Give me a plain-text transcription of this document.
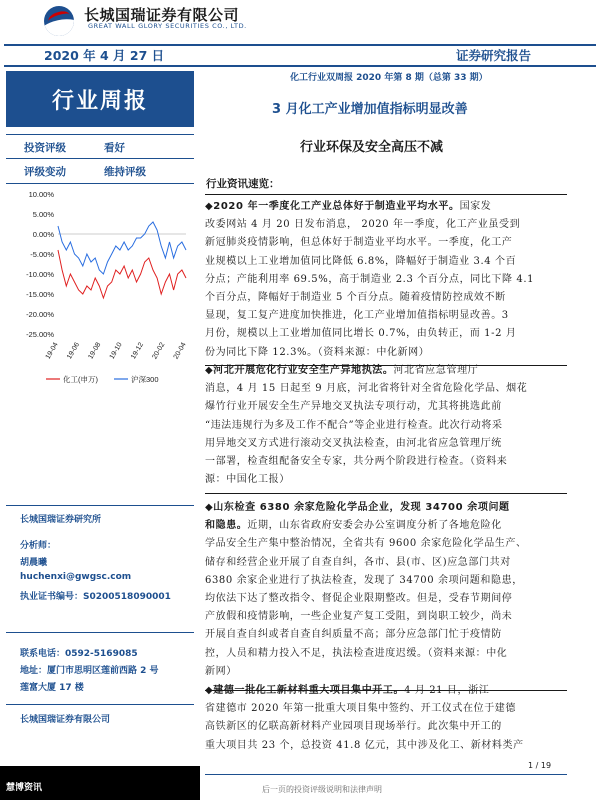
长城国瑞证券有限公司
GREAT WALL GLORY SECURITIES CO., LTD.
2020 年 4 月 27 日	证券研究报告
化工行业双周报 2020 年第 8 期（总第 33 期）
行业周报
投资评级	看好
评级变动	维持评级
10.00%
5.00%
0.00%
-5.00%
-10.00%
-15.00%
-20.00%
-25.00%
19-04 19-06 19-08 19-10 19-12 20-02 20-04
化工(申万)	沪深300
长城国瑞证券研究所
分析师：
胡晨曦
huchenxi@gwgsc.com
执业证书编号：S0200518090001
联系电话：0592-5169085
地址：厦门市思明区莲前西路 2 号
莲富大厦 17 楼
长城国瑞证券有限公司
3 月化工产业增加值指标明显改善
行业环保及安全高压不减
行业资讯速览：
◆2020 年一季度化工产业总体好于制造业平均水平。国家发
改委网站 4 月 20 日发布消息， 2020 年一季度，化工产业虽受到
新冠肺炎疫情影响，但总体好于制造业平均水平。一季度，化工产
业规模以上工业增加值同比降低 6.8%，降幅好于制造业 3.4 个百
分点；产能利用率 69.5%，高于制造业 2.3 个百分点，同比下降 4.1
个百分点，降幅好于制造业 5 个百分点。随着疫情防控成效不断
显现，复工复产进度加快推进，化工产业增加值指标明显改善。3
月份，规模以上工业增加值同比增长 0.7%，由负转正，而 1-2 月
份为同比下降 12.3%。（资料来源：中化新网）
◆河北开展危化行业安全生产异地执法。河北省应急管理厅
消息，4 月 15 日起至 9 月底，河北省将针对全省危险化学品、烟花
爆竹行业开展安全生产异地交叉执法专项行动，尤其将挑选此前
“违法违规行为多及工作不配合”等企业进行检查。此次行动将采
用异地交叉方式进行滚动交叉执法检查，由河北省应急管理厅统
一部署，检查组配备安全专家，共分两个阶段进行检查。（资料来
源：中国化工报）
◆山东检查 6380 余家危险化学品企业，发现 34700 余项问题
和隐患。近期，山东省政府安委会办公室调度分析了各地危险化
学品安全生产集中整治情况，全省共有 9600 余家危险化学品生产、
储存和经营企业开展了自查自纠，各市、县(市、区)应急部门共对
6380 余家企业进行了执法检查，发现了 34700 余项问题和隐患，
均依法下达了整改指令、督促企业限期整改。但是，受春节期间停
产放假和疫情影响，一些企业复产复工受阻，到岗职工较少，尚未
开展自查自纠或者自查自纠质量不高；部分应急部门忙于疫情防
控，人员和精力投入不足，执法检查进度迟缓。（资料来源：中化
新网）
◆建德一批化工新材料重大项目集中开工。4 月 21 日，浙江
省建德市 2020 年第一批重大项目集中签约、开工仪式在位于建德
高铁新区的亿联高新材料产业园项目现场举行。此次集中开工的
重大项目共 23 个，总投资 41.8 亿元，其中涉及化工、新材料类产
1 / 19
后一页的投资评级说明和法律声明
慧博资讯
